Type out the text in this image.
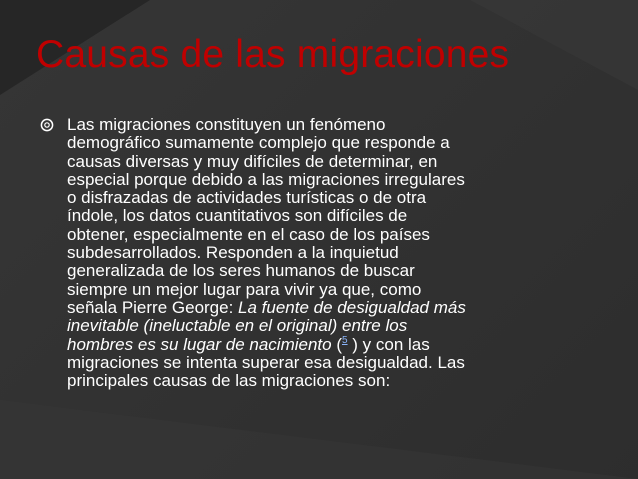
Causas de las migraciones

Las migraciones constituyen un fenómeno
demográfico sumamente complejo que responde a
causas diversas y muy difíciles de determinar, en
especial porque debido a las migraciones irregulares
o disfrazadas de actividades turísticas o de otra
índole, los datos cuantitativos son difíciles de
obtener, especialmente en el caso de los países
subdesarrollados. Responden a la inquietud
generalizada de los seres humanos de buscar
siempre un mejor lugar para vivir ya que, como
señala Pierre George: La fuente de desigualdad más
inevitable (ineluctable en el original) entre los
hombres es su lugar de nacimiento ($^5$ ) y con las
migraciones se intenta superar esa desigualdad. Las
principales causas de las migraciones son:
